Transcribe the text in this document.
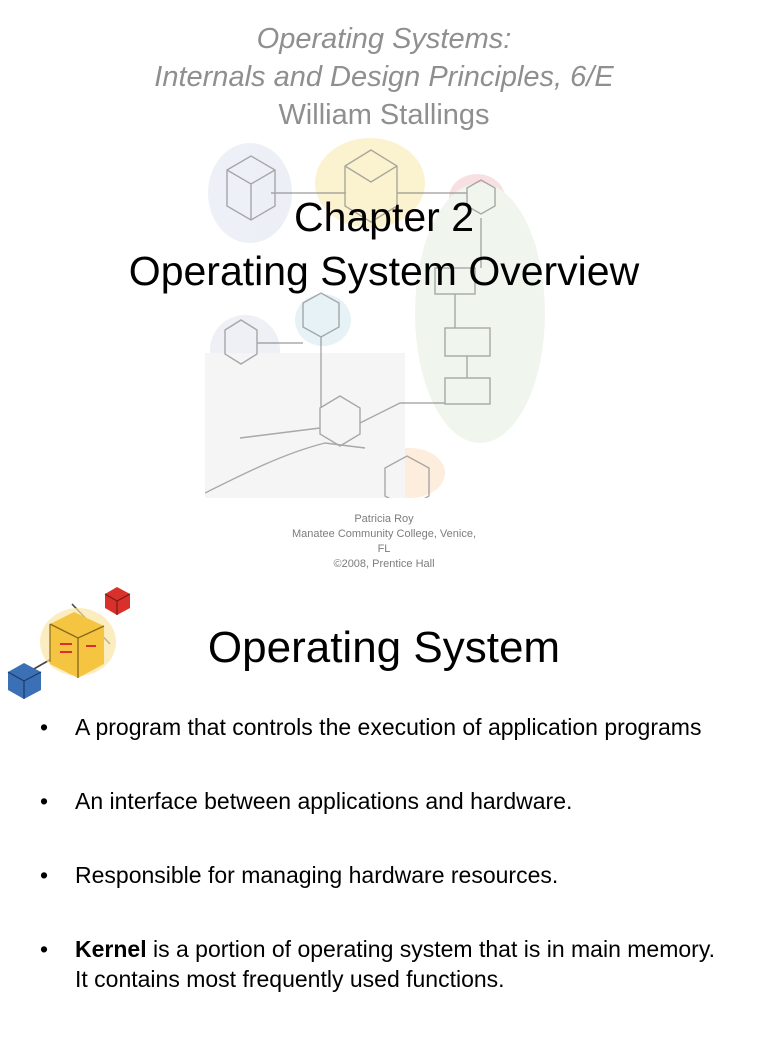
Operating Systems:
Internals and Design Principles, 6/E
William Stallings
Chapter 2
Operating System Overview
Patricia Roy
Manatee Community College, Venice,
FL
©2008, Prentice Hall
Operating System
• A program that controls the execution of application programs
• An interface between applications and hardware.
• Responsible for managing hardware resources.
• Kernel is a portion of operating system that is in main memory. It contains most frequently used functions.
